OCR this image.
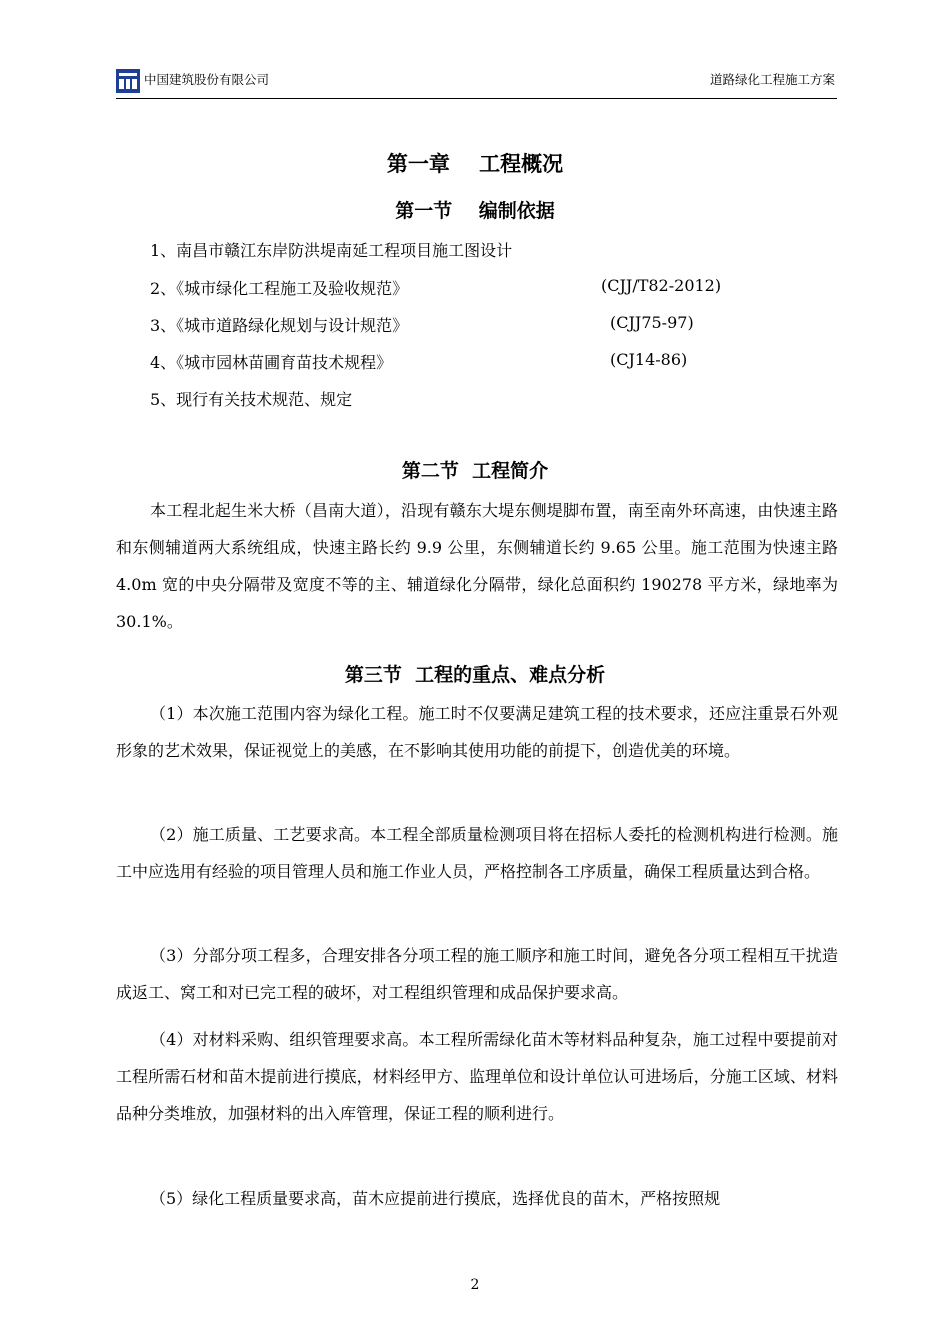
中国建筑股份有限公司	道路绿化工程施工方案
第一章    工程概况
第一节    编制依据
1、南昌市赣江东岸防洪堤南延工程项目施工图设计
2、《城市绿化工程施工及验收规范》	(CJJ/T82-2012)
3、《城市道路绿化规划与设计规范》	(CJJ75-97)
4、《城市园林苗圃育苗技术规程》	(CJ14-86)
5、现行有关技术规范、规定
第二节  工程简介
本工程北起生米大桥（昌南大道），沿现有赣东大堤东侧堤脚布置，南至南外环高速，由快速主路和东侧辅道两大系统组成，快速主路长约 9.9 公里，东侧辅道长约 9.65 公里。施工范围为快速主路 4.0m 宽的中央分隔带及宽度不等的主、辅道绿化分隔带，绿化总面积约 190278 平方米，绿地率为 30.1%。
第三节  工程的重点、难点分析
（1）本次施工范围内容为绿化工程。施工时不仅要满足建筑工程的技术要求，还应注重景石外观形象的艺术效果，保证视觉上的美感，在不影响其使用功能的前提下，创造优美的环境。
（2）施工质量、工艺要求高。本工程全部质量检测项目将在招标人委托的检测机构进行检测。施工中应选用有经验的项目管理人员和施工作业人员，严格控制各工序质量，确保工程质量达到合格。
（3）分部分项工程多，合理安排各分项工程的施工顺序和施工时间，避免各分项工程相互干扰造成返工、窝工和对已完工程的破坏，对工程组织管理和成品保护要求高。
（4）对材料采购、组织管理要求高。本工程所需绿化苗木等材料品种复杂，施工过程中要提前对工程所需石材和苗木提前进行摸底，材料经甲方、监理单位和设计单位认可进场后，分施工区域、材料品种分类堆放，加强材料的出入库管理，保证工程的顺利进行。
（5）绿化工程质量要求高，苗木应提前进行摸底，选择优良的苗木，严格按照规
2
